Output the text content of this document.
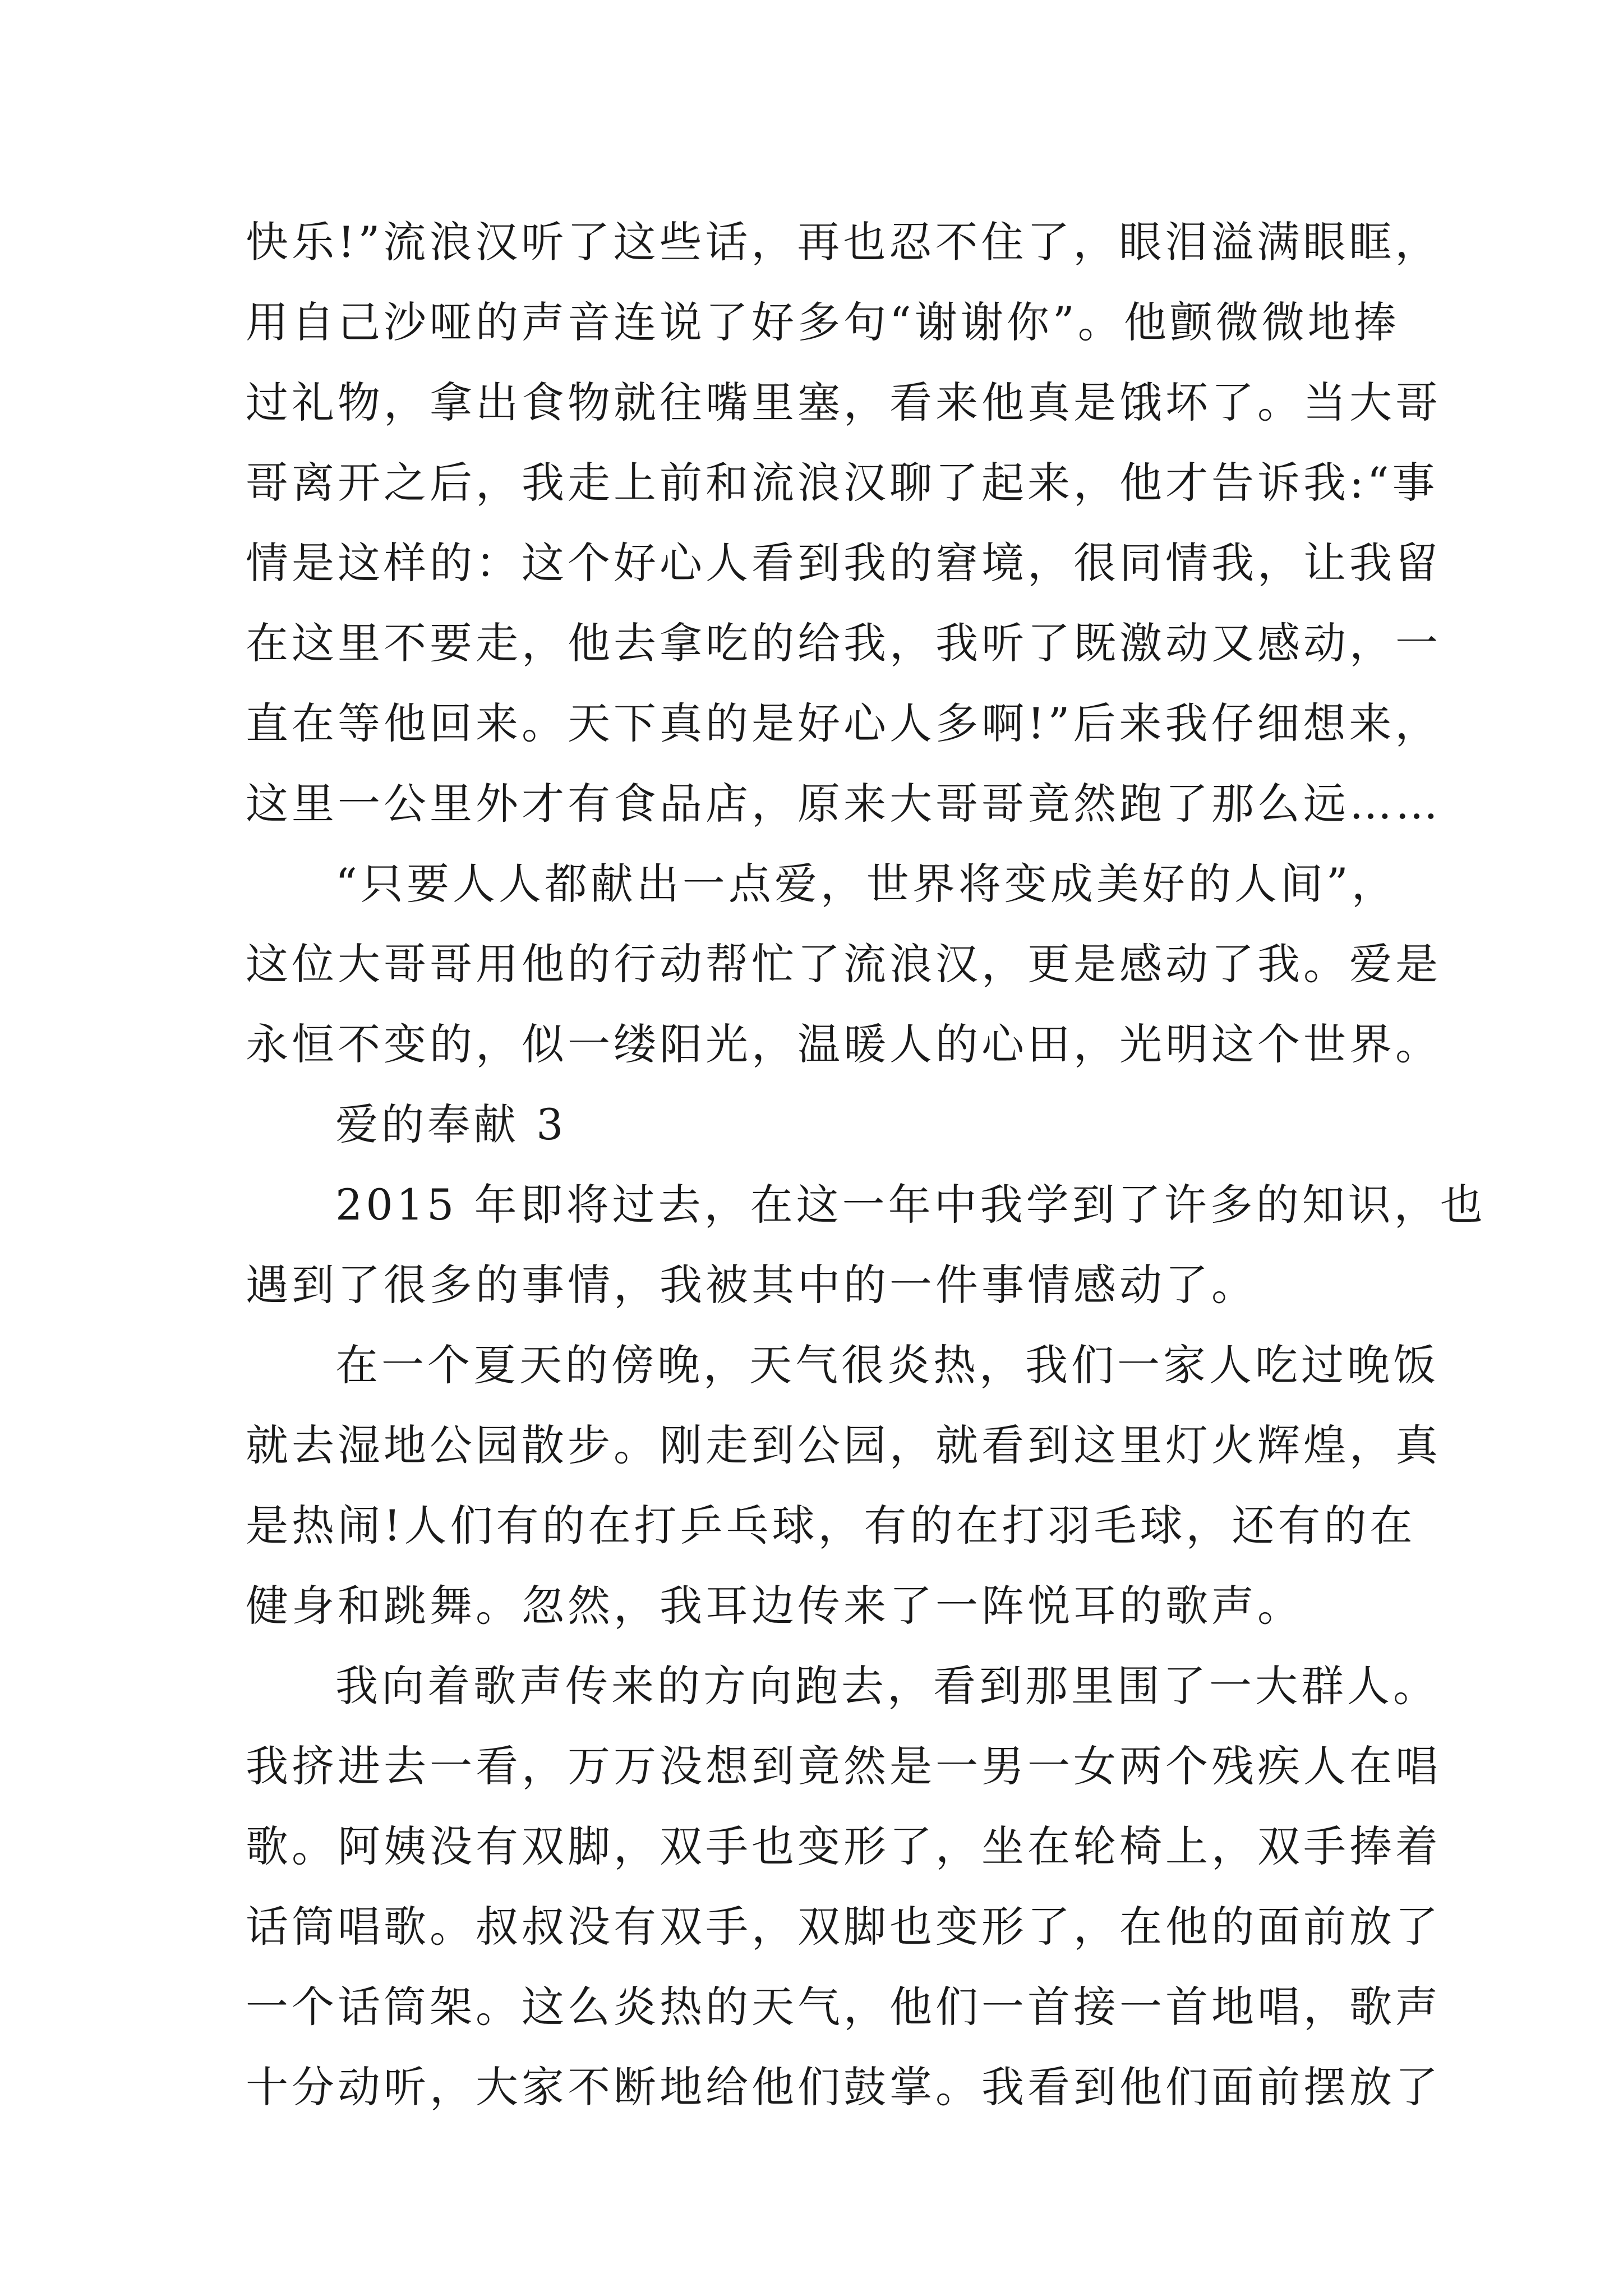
快乐!”流浪汉听了这些话，再也忍不住了，眼泪溢满眼眶，
用自己沙哑的声音连说了好多句“谢谢你”。他颤微微地捧
过礼物，拿出食物就往嘴里塞，看来他真是饿坏了。当大哥
哥离开之后，我走上前和流浪汉聊了起来，他才告诉我:“事
情是这样的：这个好心人看到我的窘境，很同情我，让我留
在这里不要走，他去拿吃的给我，我听了既激动又感动，一
直在等他回来。天下真的是好心人多啊!”后来我仔细想来，
这里一公里外才有食品店，原来大哥哥竟然跑了那么远……
“只要人人都献出一点爱，世界将变成美好的人间”，
这位大哥哥用他的行动帮忙了流浪汉，更是感动了我。爱是
永恒不变的，似一缕阳光，温暖人的心田，光明这个世界。
爱的奉献 3
2015 年即将过去，在这一年中我学到了许多的知识，也
遇到了很多的事情，我被其中的一件事情感动了。
在一个夏天的傍晚，天气很炎热，我们一家人吃过晚饭
就去湿地公园散步。刚走到公园，就看到这里灯火辉煌，真
是热闹!人们有的在打乒乓球，有的在打羽毛球，还有的在
健身和跳舞。忽然，我耳边传来了一阵悦耳的歌声。
我向着歌声传来的方向跑去，看到那里围了一大群人。
我挤进去一看，万万没想到竟然是一男一女两个残疾人在唱
歌。阿姨没有双脚，双手也变形了，坐在轮椅上，双手捧着
话筒唱歌。叔叔没有双手，双脚也变形了，在他的面前放了
一个话筒架。这么炎热的天气，他们一首接一首地唱，歌声
十分动听，大家不断地给他们鼓掌。我看到他们面前摆放了
